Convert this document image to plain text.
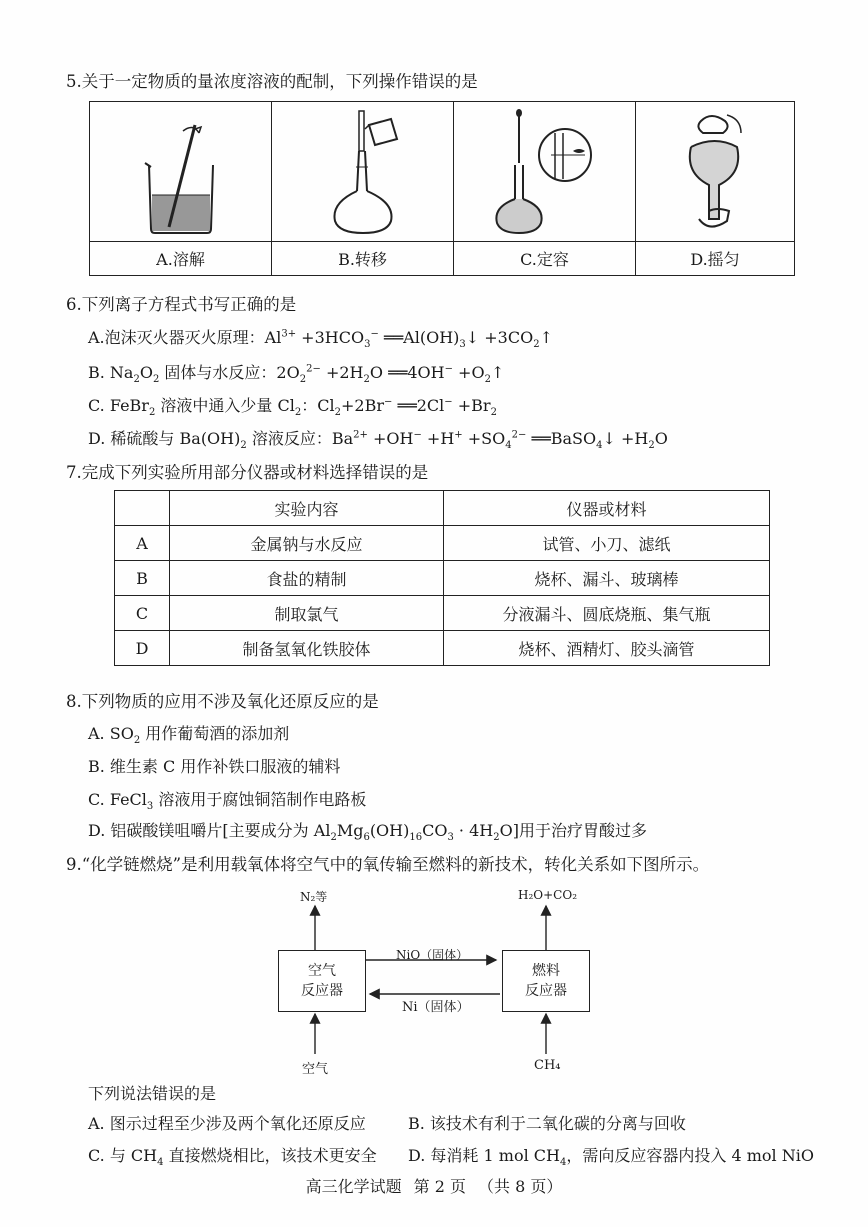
5.关于一定物质的量浓度溶液的配制，下列操作错误的是
A.溶解	B.转移	C.定容	D.摇匀
6.下列离子方程式书写正确的是
A.泡沫灭火器灭火原理：$Al^{3+} +3HCO_3^-$ $══Al(OH)_3↓$ $+3CO_2↑$
B. $Na_2O_2$ 固体与水反应：$2O_2^{2-} +2H_2O$ ══4OH− $+O_2↑$
C. FeBr$_2$ 溶液中通入少量 $Cl_2$：$Cl_2+2Br^-$ ══2Cl− $+Br_2$
D. 稀硫酸与 $Ba(OH)_2$ 溶液反应：$Ba^{2+} +OH^- +H^+ +SO_4^{2-}$ ══BaSO$_4$↓ $+H_2O$
7.完成下列实验所用部分仪器或材料选择错误的是
	实验内容	仪器或材料
A	金属钠与水反应	试管、小刀、滤纸
B	食盐的精制	烧杯、漏斗、玻璃棒
C	制取氯气	分液漏斗、圆底烧瓶、集气瓶
D	制备氢氧化铁胶体	烧杯、酒精灯、胶头滴管
8.下列物质的应用不涉及氧化还原反应的是
A. $SO_2$ 用作葡萄酒的添加剂
B. 维生素 C 用作补铁口服液的辅料
C. FeCl$_3$ 溶液用于腐蚀铜箔制作电路板
D. 铝碳酸镁咀嚼片[主要成分为 $Al_2Mg_6(OH)_{16}CO_3 \cdot 4H_2O$]用于治疗胃酸过多
9.“化学链燃烧”是利用载氧体将空气中的氧传输至燃料的新技术，转化关系如下图所示。
空气
反应器
燃料
反应器
N₂等	H₂O+CO₂
NiO（固体）
Ni（固体）
空气	CH₄
下列说法错误的是
A. 图示过程至少涉及两个氧化还原反应	B. 该技术有利于二氧化碳的分离与回收
C. 与 $CH_4$ 直接燃烧相比，该技术更安全 D. 每消耗 1 mol $CH_4$，需向反应容器内投入 4 mol NiO
高三化学试题 第 2 页 （共 8 页）
